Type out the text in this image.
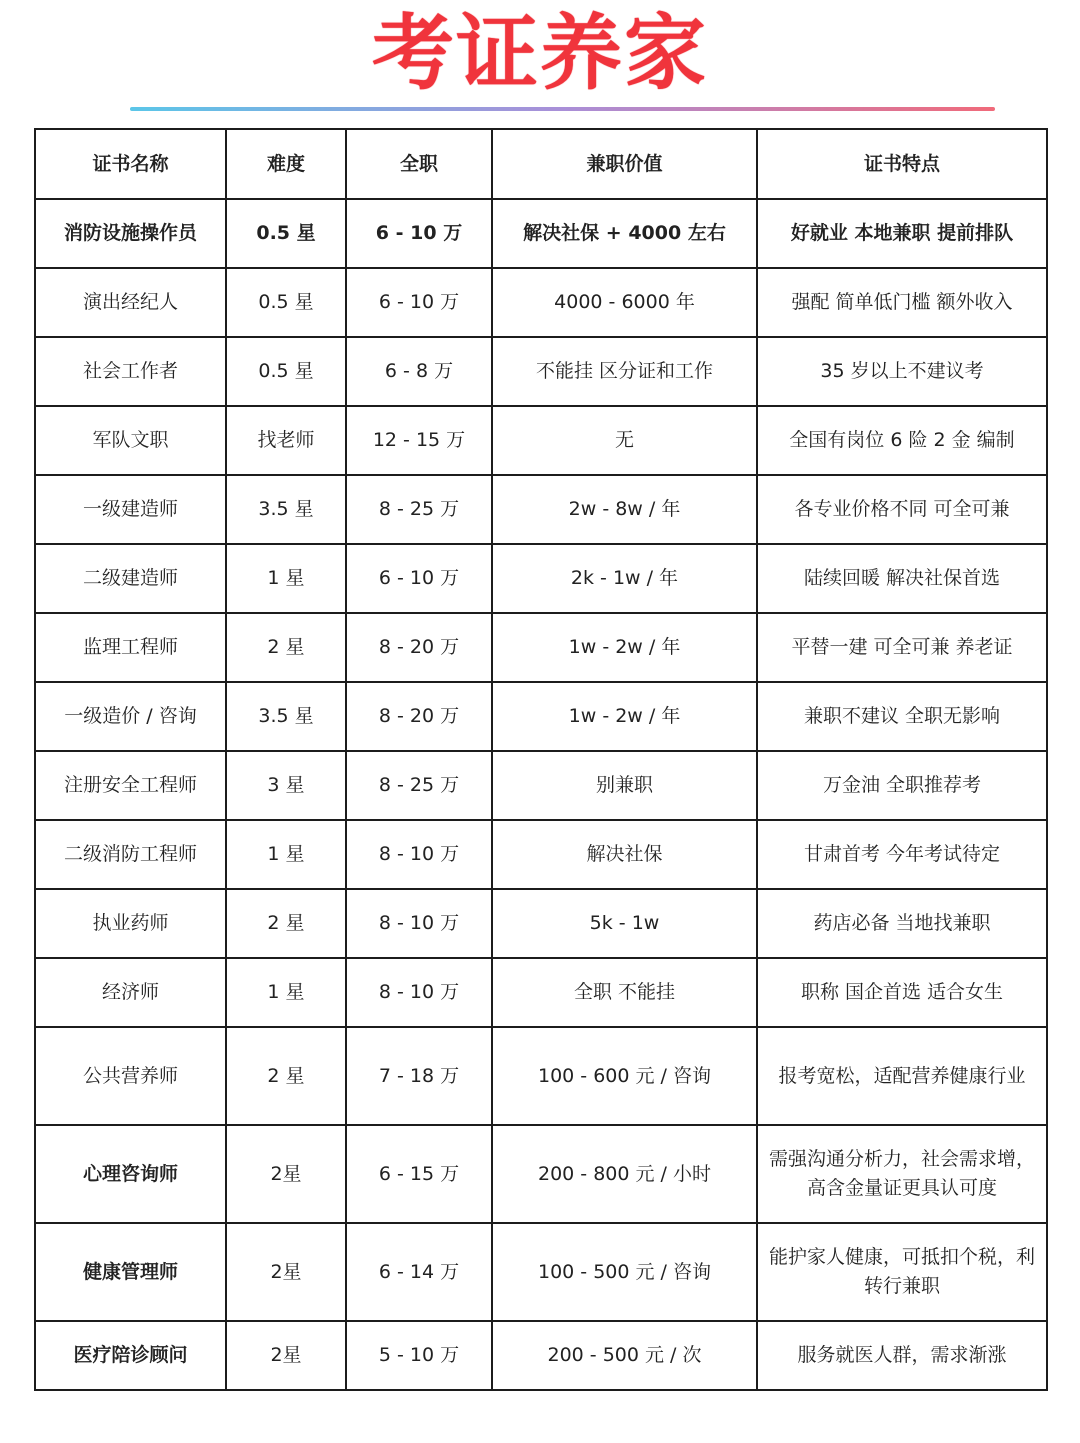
考证养家
证书名称	难度	全职	兼职价值	证书特点
消防设施操作员	0.5 星	6 - 10 万	解决社保 + 4000 左右	好就业 本地兼职 提前排队
演出经纪人	0.5 星	6 - 10 万	4000 - 6000 年	强配 简单低门槛 额外收入
社会工作者	0.5 星	6 - 8 万	不能挂 区分证和工作	35 岁以上不建议考
军队文职	找老师	12 - 15 万	无	全国有岗位 6 险 2 金 编制
一级建造师	3.5 星	8 - 25 万	2w - 8w / 年	各专业价格不同 可全可兼
二级建造师	1 星	6 - 10 万	2k - 1w / 年	陆续回暖 解决社保首选
监理工程师	2 星	8 - 20 万	1w - 2w / 年	平替一建 可全可兼 养老证
一级造价 / 咨询	3.5 星	8 - 20 万	1w - 2w / 年	兼职不建议 全职无影响
注册安全工程师	3 星	8 - 25 万	别兼职	万金油 全职推荐考
二级消防工程师	1 星	8 - 10 万	解决社保	甘肃首考 今年考试待定
执业药师	2 星	8 - 10 万	5k - 1w	药店必备 当地找兼职
经济师	1 星	8 - 10 万	全职 不能挂	职称 国企首选 适合女生
公共营养师	2 星	7 - 18 万	100 - 600 元 / 咨询	报考宽松，适配营养健康行业
心理咨询师	2星	6 - 15 万	200 - 800 元 / 小时	需强沟通分析力，社会需求增，高含金量证更具认可度
健康管理师	2星	6 - 14 万	100 - 500 元 / 咨询	能护家人健康，可抵扣个税，利转行兼职
医疗陪诊顾问	2星	5 - 10 万	200 - 500 元 / 次	服务就医人群，需求渐涨
